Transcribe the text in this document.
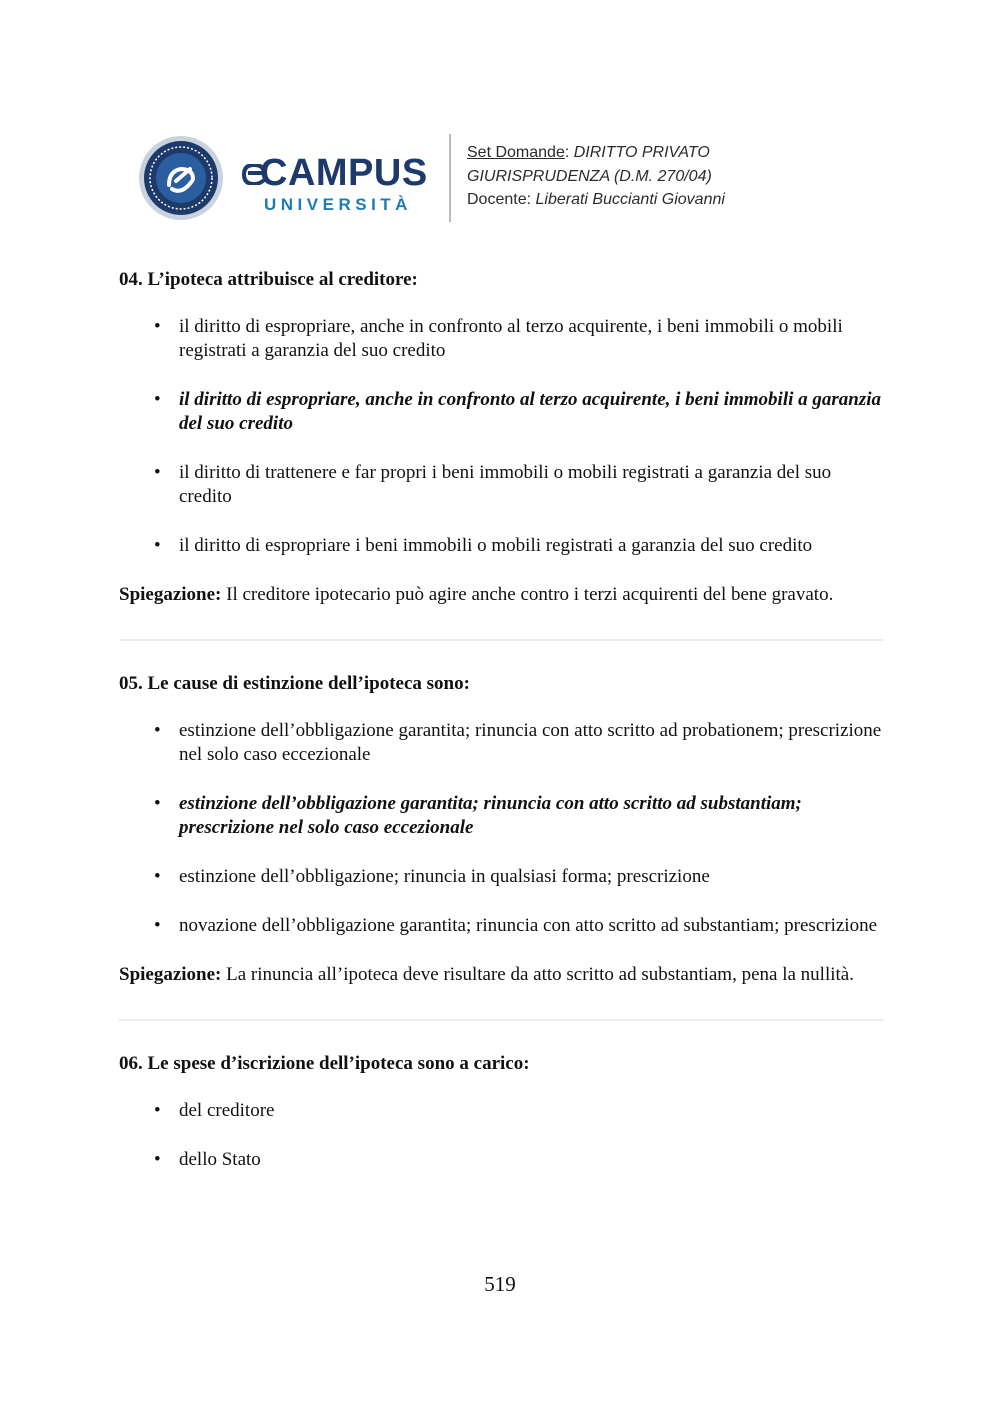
CAMPUS
UNIVERSITÀ
Set Domande: DIRITTO PRIVATO
GIURISPRUDENZA (D.M. 270/04)
Docente: Liberati Buccianti Giovanni

04. L’ipoteca attribuisce al creditore:

• il diritto di espropriare, anche in confronto al terzo acquirente, i beni immobili o mobili registrati a garanzia del suo credito
• il diritto di espropriare, anche in confronto al terzo acquirente, i beni immobili a garanzia del suo credito
• il diritto di trattenere e far propri i beni immobili o mobili registrati a garanzia del suo credito
• il diritto di espropriare i beni immobili o mobili registrati a garanzia del suo credito

Spiegazione: Il creditore ipotecario può agire anche contro i terzi acquirenti del bene gravato.

05. Le cause di estinzione dell’ipoteca sono:

• estinzione dell’obbligazione garantita; rinuncia con atto scritto ad probationem; prescrizione nel solo caso eccezionale
• estinzione dell’obbligazione garantita; rinuncia con atto scritto ad substantiam; prescrizione nel solo caso eccezionale
• estinzione dell’obbligazione; rinuncia in qualsiasi forma; prescrizione
• novazione dell’obbligazione garantita; rinuncia con atto scritto ad substantiam; prescrizione

Spiegazione: La rinuncia all’ipoteca deve risultare da atto scritto ad substantiam, pena la nullità.

06. Le spese d’iscrizione dell’ipoteca sono a carico:

• del creditore
• dello Stato
519
